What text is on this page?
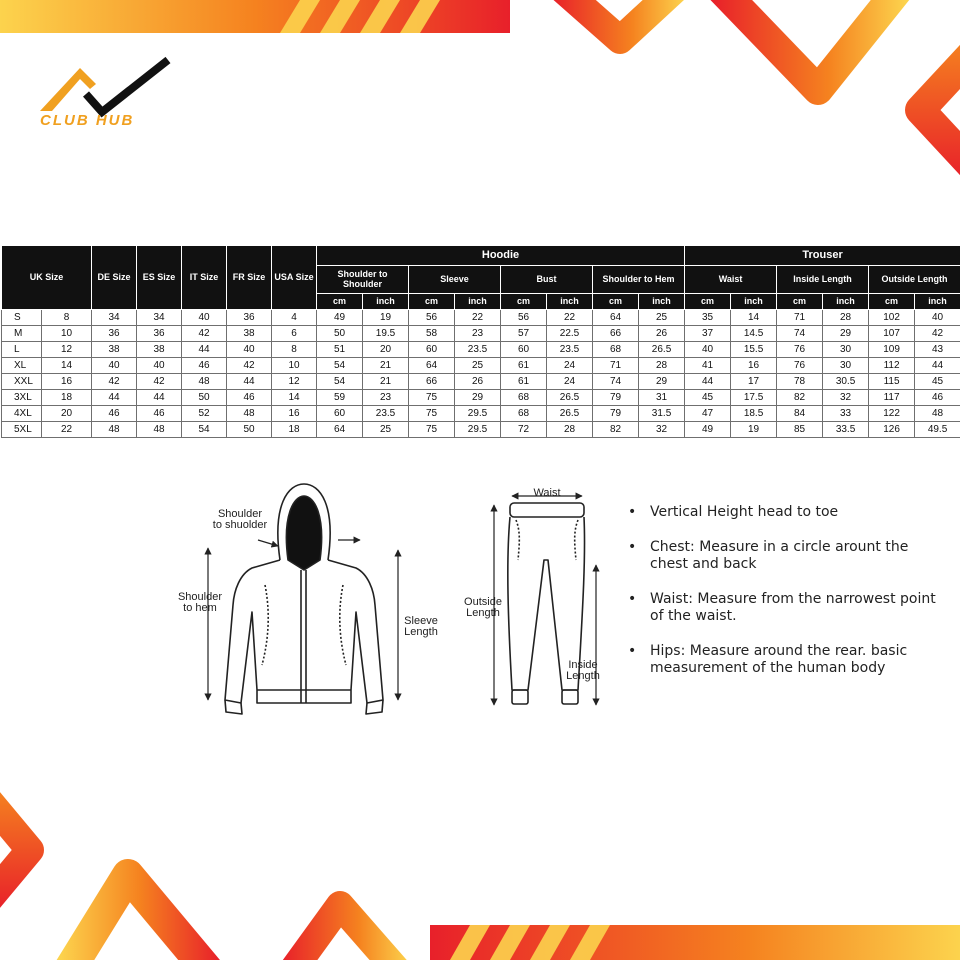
CLUB HUB
UK Size		DE Size	ES Size	IT Size	FR Size	USA Size	Hoodie								Trouser					
							Shoulder to Shoulder		Sleeve		Bust		Shoulder to Hem		Waist		Inside Length		Outside Length	
							cm	inch	cm	inch	cm	inch	cm	inch	cm	inch	cm	inch	cm	inch
S	8	34	34	40	36	4	49	19	56	22	56	22	64	25	35	14	71	28	102	40
M	10	36	36	42	38	6	50	19.5	58	23	57	22.5	66	26	37	14.5	74	29	107	42
L	12	38	38	44	40	8	51	20	60	23.5	60	23.5	68	26.5	40	15.5	76	30	109	43
XL	14	40	40	46	42	10	54	21	64	25	61	24	71	28	41	16	76	30	112	44
XXL	16	42	42	48	44	12	54	21	66	26	61	24	74	29	44	17	78	30.5	115	45
3XL	18	44	44	50	46	14	59	23	75	29	68	26.5	79	31	45	17.5	82	32	117	46
4XL	20	46	46	52	48	16	60	23.5	75	29.5	68	26.5	79	31.5	47	18.5	84	33	122	48
5XL	22	48	48	54	50	18	64	25	75	29.5	72	28	82	32	49	19	85	33.5	126	49.5
Shoulder
to shuolder
Shoulder
to hem
Sleeve
Length
Waist
Outside
Length
Inside
Length
• Vertical Height head to toe
• Chest: Measure in a circle arount the chest and back
• Waist: Measure from the narrowest point of the waist.
• Hips: Measure around the rear. basic measurement of the human body
